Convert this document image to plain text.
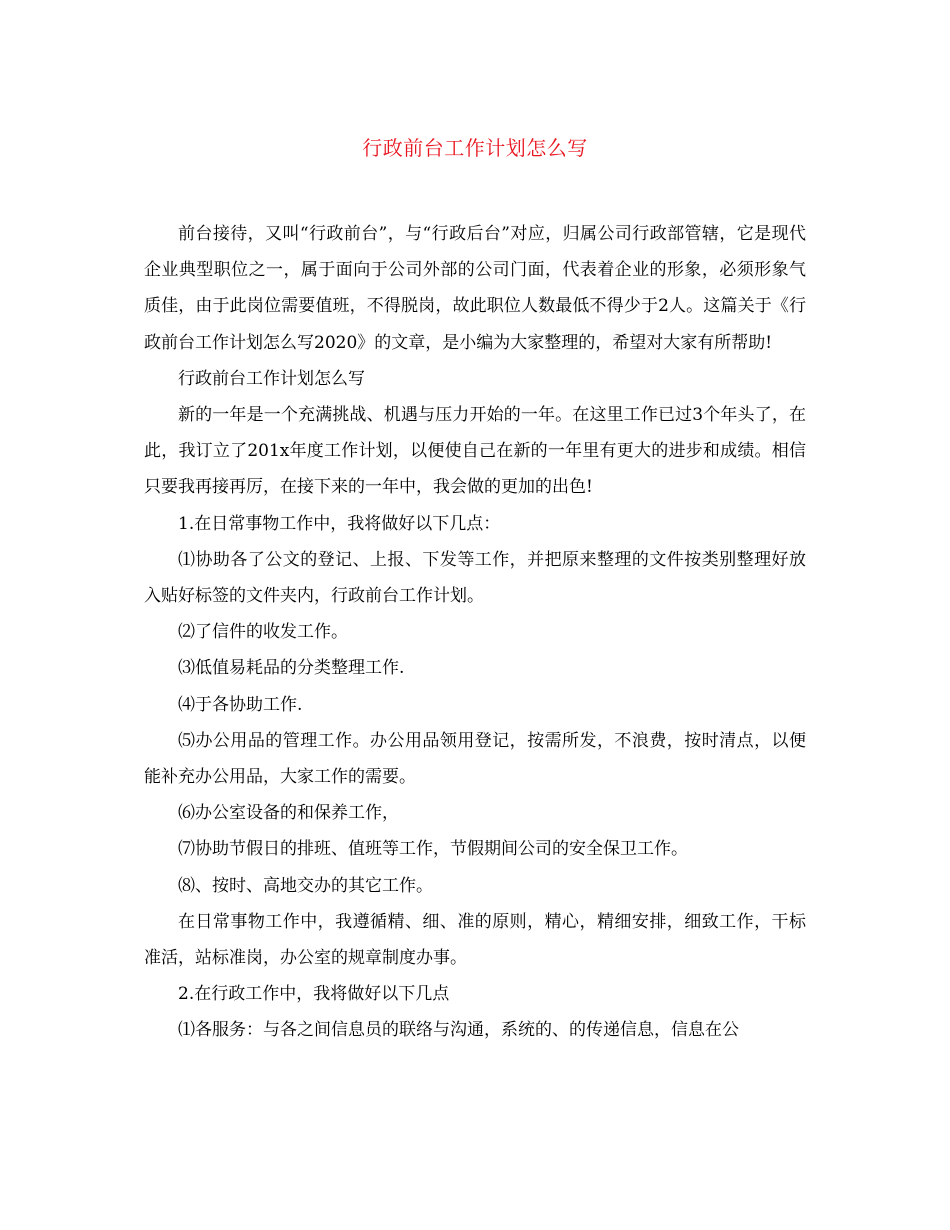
行政前台工作计划怎么写

前台接待，又叫“行政前台”，与“行政后台”对应，归属公司行政部管辖，它是现代企业典型职位之一，属于面向于公司外部的公司门面，代表着企业的形象，必须形象气质佳，由于此岗位需要值班，不得脱岗，故此职位人数最低不得少于2人。这篇关于《行政前台工作计划怎么写2020》的文章，是小编为大家整理的，希望对大家有所帮助!

行政前台工作计划怎么写

新的一年是一个充满挑战、机遇与压力开始的一年。在这里工作已过3个年头了，在此，我订立了201x年度工作计划，以便使自己在新的一年里有更大的进步和成绩。相信只要我再接再厉，在接下来的一年中，我会做的更加的出色!

1.在日常事物工作中，我将做好以下几点：

⑴协助各了公文的登记、上报、下发等工作，并把原来整理的文件按类别整理好放入贴好标签的文件夹内，行政前台工作计划。

⑵了信件的收发工作。

⑶低值易耗品的分类整理工作.

⑷于各协助工作.

⑸办公用品的管理工作。办公用品领用登记，按需所发，不浪费，按时清点，以便能补充办公用品，大家工作的需要。

⑹办公室设备的和保养工作，

⑺协助节假日的排班、值班等工作，节假期间公司的安全保卫工作。

⑻、按时、高地交办的其它工作。

在日常事物工作中，我遵循精、细、准的原则，精心，精细安排，细致工作，干标准活，站标准岗，办公室的规章制度办事。

2.在行政工作中，我将做好以下几点

⑴各服务：与各之间信息员的联络与沟通，系统的、的传递信息，信息在公
